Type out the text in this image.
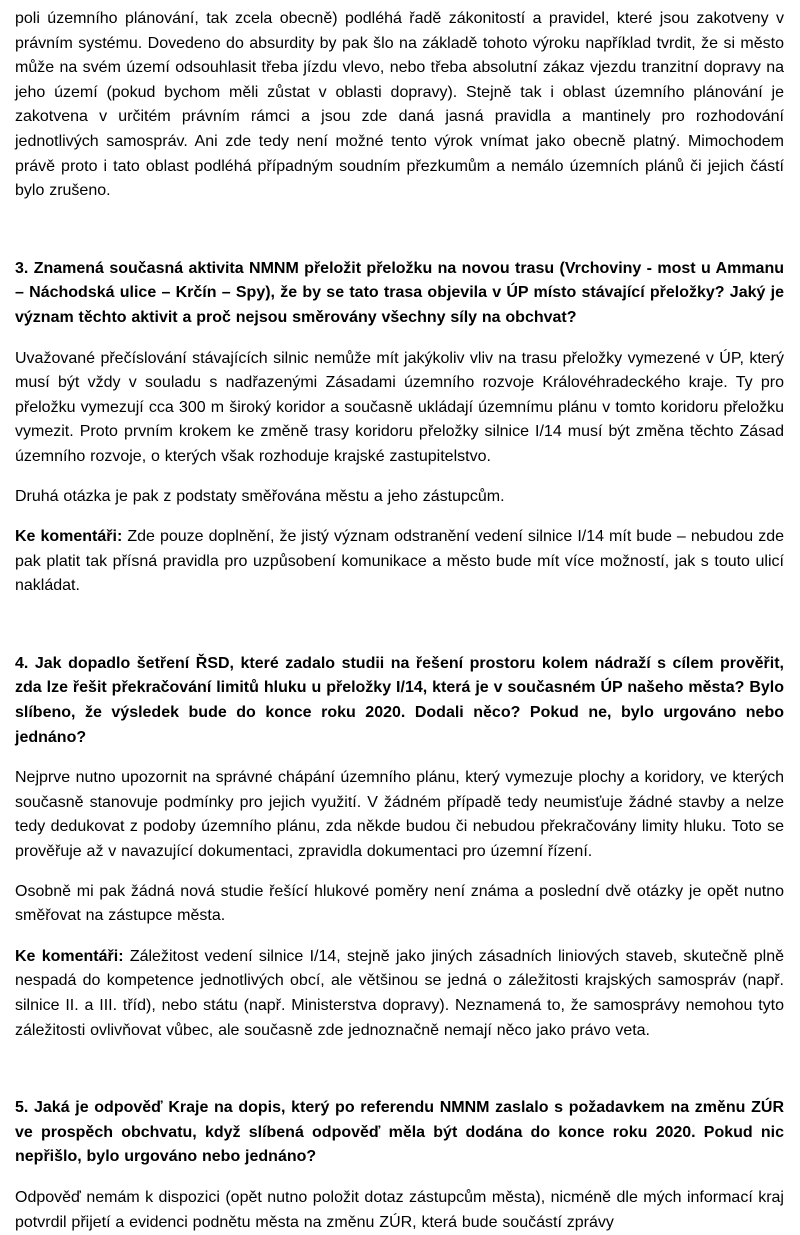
poli územního plánování, tak zcela obecně) podléhá řadě zákonitostí a pravidel, které jsou zakotveny v právním systému. Dovedeno do absurdity by pak šlo na základě tohoto výroku například tvrdit, že si město může na svém území odsouhlasit třeba jízdu vlevo, nebo třeba absolutní zákaz vjezdu tranzitní dopravy na jeho území (pokud bychom měli zůstat v oblasti dopravy). Stejně tak i oblast územního plánování je zakotvena v určitém právním rámci a jsou zde daná jasná pravidla a mantinely pro rozhodování jednotlivých samospráv. Ani zde tedy není možné tento výrok vnímat jako obecně platný. Mimochodem právě proto i tato oblast podléhá případným soudním přezkumům a nemálo územních plánů či jejich částí bylo zrušeno.

3. Znamená současná aktivita NMNM přeložit přeložku na novou trasu (Vrchoviny - most u Ammanu – Náchodská ulice – Krčín – Spy), že by se tato trasa objevila v ÚP místo stávající přeložky? Jaký je význam těchto aktivit a proč nejsou směrovány všechny síly na obchvat?

Uvažované přečíslování stávajících silnic nemůže mít jakýkoliv vliv na trasu přeložky vymezené v ÚP, který musí být vždy v souladu s nadřazenými Zásadami územního rozvoje Královéhradeckého kraje. Ty pro přeložku vymezují cca 300 m široký koridor a současně ukládají územnímu plánu v tomto koridoru přeložku vymezit. Proto prvním krokem ke změně trasy koridoru přeložky silnice I/14 musí být změna těchto Zásad územního rozvoje, o kterých však rozhoduje krajské zastupitelstvo.

Druhá otázka je pak z podstaty směřována městu a jeho zástupcům.

Ke komentáři: Zde pouze doplnění, že jistý význam odstranění vedení silnice I/14 mít bude – nebudou zde pak platit tak přísná pravidla pro uzpůsobení komunikace a město bude mít více možností, jak s touto ulicí nakládat.

4. Jak dopadlo šetření ŘSD, které zadalo studii na řešení prostoru kolem nádraží s cílem prověřit, zda lze řešit překračování limitů hluku u přeložky I/14, která je v současném ÚP našeho města? Bylo slíbeno, že výsledek bude do konce roku 2020. Dodali něco? Pokud ne, bylo urgováno nebo jednáno?

Nejprve nutno upozornit na správné chápání územního plánu, který vymezuje plochy a koridory, ve kterých současně stanovuje podmínky pro jejich využití. V žádném případě tedy neumisťuje žádné stavby a nelze tedy dedukovat z podoby územního plánu, zda někde budou či nebudou překračovány limity hluku. Toto se prověřuje až v navazující dokumentaci, zpravidla dokumentaci pro územní řízení.

Osobně mi pak žádná nová studie řešící hlukové poměry není známa a poslední dvě otázky je opět nutno směřovat na zástupce města.

Ke komentáři: Záležitost vedení silnice I/14, stejně jako jiných zásadních liniových staveb, skutečně plně nespadá do kompetence jednotlivých obcí, ale většinou se jedná o záležitosti krajských samospráv (např. silnice II. a III. tříd), nebo státu (např. Ministerstva dopravy). Neznamená to, že samosprávy nemohou tyto záležitosti ovlivňovat vůbec, ale současně zde jednoznačně nemají něco jako právo veta.

5. Jaká je odpověď Kraje na dopis, který po referendu NMNM zaslalo s požadavkem na změnu ZÚR ve prospěch obchvatu, když slíbená odpověď měla být dodána do konce roku 2020. Pokud nic nepřišlo, bylo urgováno nebo jednáno?

Odpověď nemám k dispozici (opět nutno položit dotaz zástupcům města), nicméně dle mých informací kraj potvrdil přijetí a evidenci podnětu města na změnu ZÚR, která bude součástí zprávy
